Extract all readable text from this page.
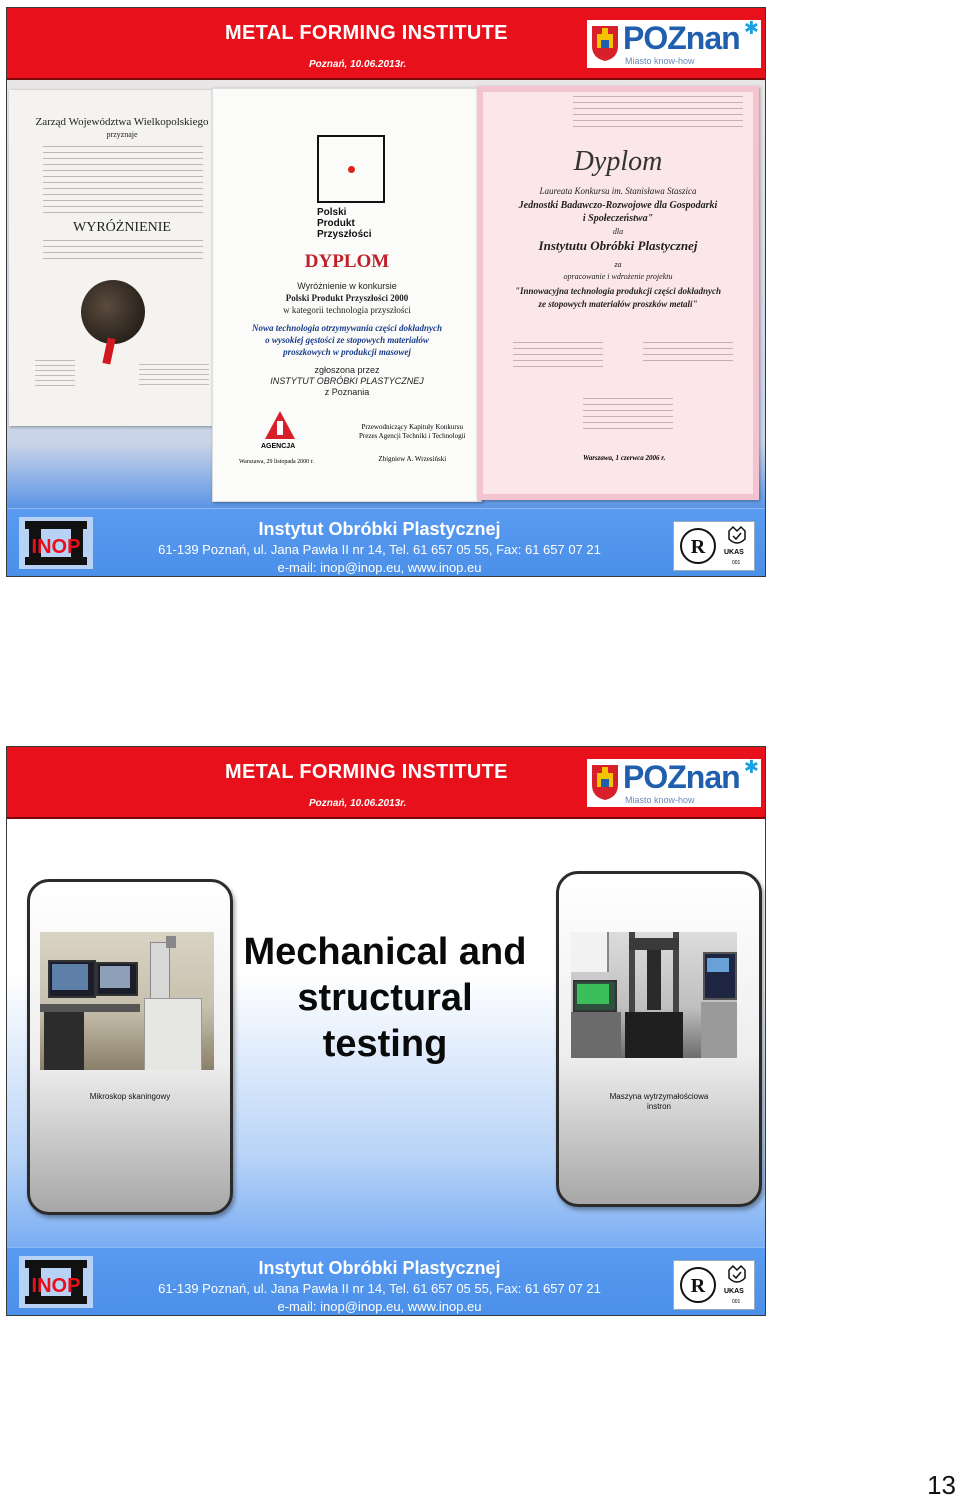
METAL FORMING INSTITUTE
Poznań, 10.06.2013r.
POZnan ✱
Miasto know-how
Zarząd Województwa Wielkopolskiego
przyznaje
WYRÓŻNIENIE
Polski
Produkt
Przyszłości
DYPLOM
Wyróżnienie w konkursie
Polski Produkt Przyszłości 2000
w kategorii technologia przyszłości
Nowa technologia otrzymywania części dokładnych
o wysokiej gęstości ze stopowych materiałów
proszkowych w produkcji masowej
zgłoszona przez
INSTYTUT OBRÓBKI PLASTYCZNEJ
z Poznania
AGENCJA
Przewodniczący Kapituły Konkursu
Prezes Agencji Techniki i Technologii
Zbigniew A. Wrzesiński
Warszawa, 29 listopada 2000 r.
Dyplom
Laureata Konkursu im. Stanisława Staszica
Jednostki Badawczo-Rozwojowe dla Gospodarki
i Społeczeństwa"
dla
Instytutu Obróbki Plastycznej
za
opracowanie i wdrożenie projektu
"Innowacyjna technologia produkcji części dokładnych
ze stopowych materiałów proszków metali"
Warszawa, 1 czerwca 2006 r.
INOP
Instytut Obróbki Plastycznej
61-139 Poznań, ul. Jana Pawła II nr 14, Tel. 61 657 05 55, Fax: 61 657 07 21
e-mail: inop@inop.eu, www.inop.eu
R	UKAS
001
METAL FORMING INSTITUTE
Poznań, 10.06.2013r.
POZnan ✱
Miasto know-how
Mikroskop skaningowy
Mechanical and
structural
testing
Maszyna wytrzymałościowa
instron
INOP
Instytut Obróbki Plastycznej
61-139 Poznań, ul. Jana Pawła II nr 14, Tel. 61 657 05 55, Fax: 61 657 07 21
e-mail: inop@inop.eu, www.inop.eu
R	UKAS
001
13
